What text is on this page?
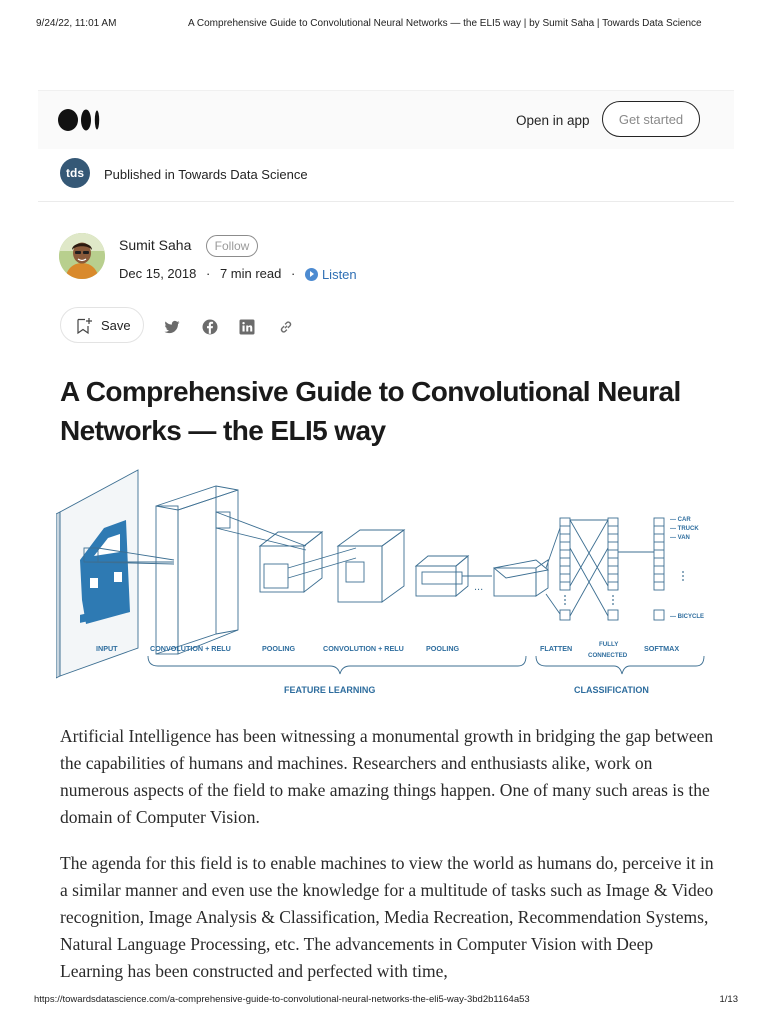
9/24/22, 11:01 AM	A Comprehensive Guide to Convolutional Neural Networks — the ELI5 way | by Sumit Saha | Towards Data Science
Open in app	Get started
tds	Published in Towards Data Science
Sumit Saha	Follow
Dec 15, 2018 · 7 min read · Listen
Save
A Comprehensive Guide to Convolutional Neural Networks — the ELI5 way
...
INPUT	CONVOLUTION + RELU	POOLING	CONVOLUTION + RELU	POOLING	FLATTEN	FULLY
CONNECTED
SOFTMAX
FEATURE LEARNING	CLASSIFICATION
— CAR
— TRUCK
— VAN
— BICYCLE

Artificial Intelligence has been witnessing a monumental growth in bridging the gap between the capabilities of humans and machines. Researchers and enthusiasts alike, work on numerous aspects of the field to make amazing things happen. One of many such areas is the domain of Computer Vision.

The agenda for this field is to enable machines to view the world as humans do, perceive it in a similar manner and even use the knowledge for a multitude of tasks such as Image & Video recognition, Image Analysis & Classification, Media Recreation, Recommendation Systems, Natural Language Processing, etc. The advancements in Computer Vision with Deep Learning has been constructed and perfected with time,

https://towardsdatascience.com/a-comprehensive-guide-to-convolutional-neural-networks-the-eli5-way-3bd2b1164a53	1/13
